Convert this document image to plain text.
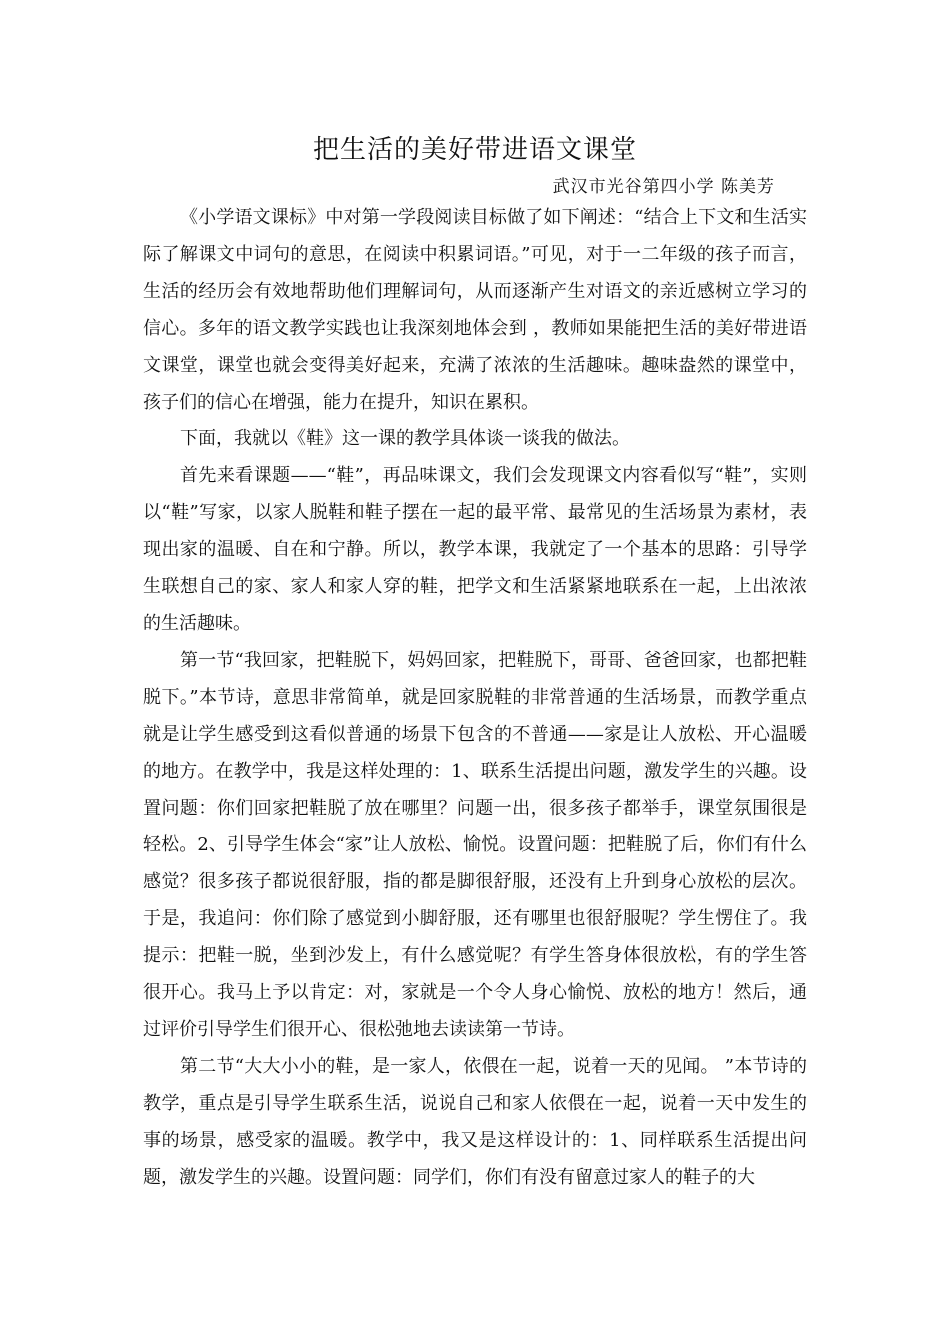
把生活的美好带进语文课堂
武汉市光谷第四小学 陈美芳

《小学语文课标》中对第一学段阅读目标做了如下阐述：“结合上下文和生活实际了解课文中词句的意思，在阅读中积累词语。”可见，对于一二年级的孩子而言，生活的经历会有效地帮助他们理解词句，从而逐渐产生对语文的亲近感树立学习的信心。多年的语文教学实践也让我深刻地体会到 ，教师如果能把生活的美好带进语文课堂，课堂也就会变得美好起来，充满了浓浓的生活趣味。趣味盎然的课堂中，孩子们的信心在增强，能力在提升，知识在累积。

下面，我就以《鞋》这一课的教学具体谈一谈我的做法。

首先来看课题——“鞋”，再品味课文，我们会发现课文内容看似写“鞋”，实则以“鞋”写家，以家人脱鞋和鞋子摆在一起的最平常、最常见的生活场景为素材，表现出家的温暖、自在和宁静。所以，教学本课，我就定了一个基本的思路：引导学生联想自己的家、家人和家人穿的鞋，把学文和生活紧紧地联系在一起，上出浓浓的生活趣味。

第一节“我回家，把鞋脱下，妈妈回家，把鞋脱下，哥哥、爸爸回家，也都把鞋脱下。”本节诗，意思非常简单，就是回家脱鞋的非常普通的生活场景，而教学重点就是让学生感受到这看似普通的场景下包含的不普通——家是让人放松、开心温暖的地方。在教学中，我是这样处理的：1、联系生活提出问题，激发学生的兴趣。设置问题：你们回家把鞋脱了放在哪里？问题一出，很多孩子都举手，课堂氛围很是轻松。2、引导学生体会“家”让人放松、愉悦。设置问题：把鞋脱了后，你们有什么感觉？很多孩子都说很舒服，指的都是脚很舒服，还没有上升到身心放松的层次。于是，我追问：你们除了感觉到小脚舒服，还有哪里也很舒服呢？学生愣住了。我提示：把鞋一脱，坐到沙发上，有什么感觉呢？有学生答身体很放松，有的学生答很开心。我马上予以肯定：对，家就是一个令人身心愉悦、放松的地方！然后，通过评价引导学生们很开心、很松弛地去读读第一节诗。

第二节“大大小小的鞋，是一家人，依偎在一起，说着一天的见闻。 ”本节诗的教学，重点是引导学生联系生活，说说自己和家人依偎在一起，说着一天中发生的事的场景，感受家的温暖。教学中，我又是这样设计的：1、同样联系生活提出问题，激发学生的兴趣。设置问题：同学们，你们有没有留意过家人的鞋子的大
